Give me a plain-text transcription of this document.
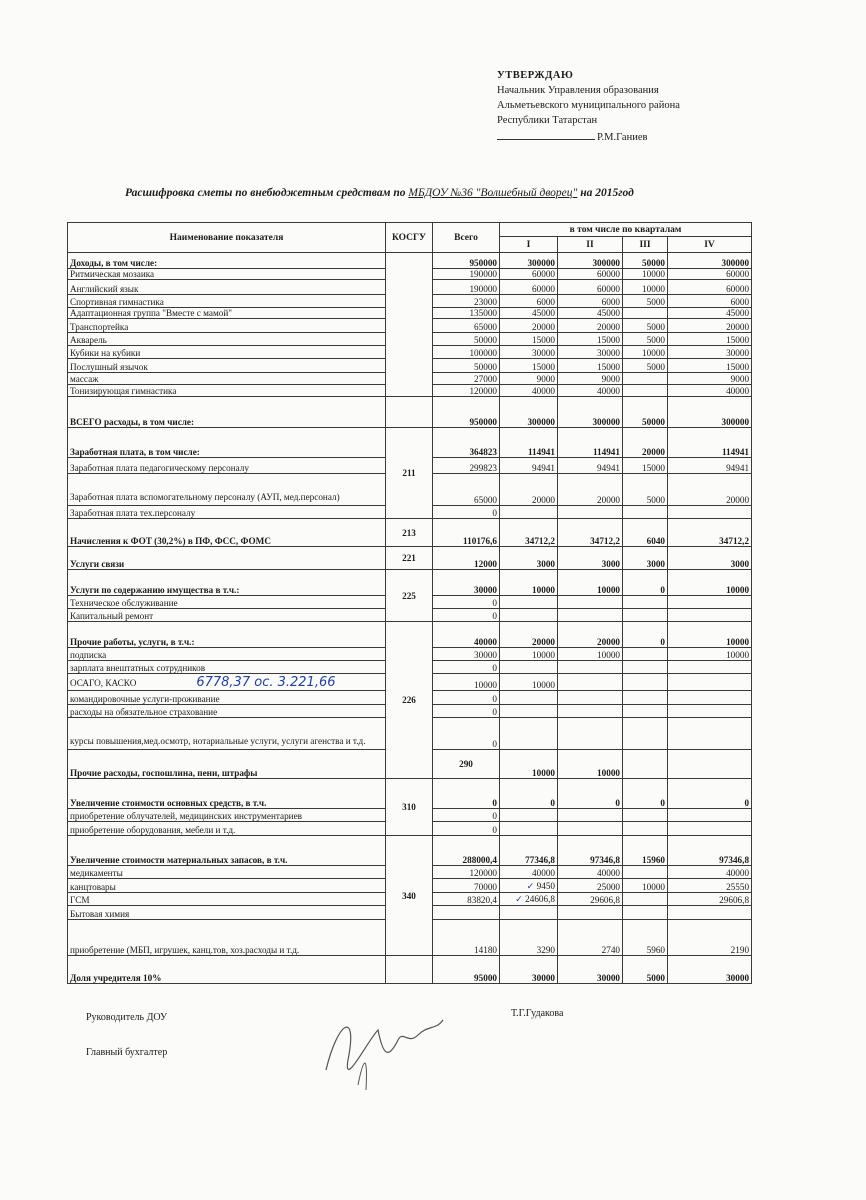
УТВЕРЖДАЮ
Начальник Управления образования
Альметьевского муниципального района
Республики Татарстан
Р.М.Ганиев
Расшифровка сметы по внебюджетным средствам по МБДОУ №36 "Волшебный дворец" на 2015год
Наименование показателя	КОСГУ	Всего	в том числе по кварталам				
			I	II	III	IV	
Доходы, в том числе:		950000	300000	300000	50000	300000	
Ритмическая мозаика		190000	60000	60000	10000	60000	
Английский язык		190000	60000	60000	10000	60000	
Спортивная гимнастика		23000	6000	6000	5000	6000	
Адаптационная группа "Вместе с мамой"		135000	45000	45000		45000	
Транспортейка		65000	20000	20000	5000	20000	
Акварель		50000	15000	15000	5000	15000	
Кубики на кубики		100000	30000	30000	10000	30000	
Послушный язычок		50000	15000	15000	5000	15000	
массаж		27000	9000	9000		9000	
Тонизирующая гимнастика		120000	40000	40000		40000	
ВСЕГО расходы, в том числе:		950000	300000	300000	50000	300000	
Заработная плата, в том числе:	211	364823	114941	114941	20000	114941	
Заработная плата педагогическому персоналу		299823	94941	94941	15000	94941	
Заработная плата вспомогательному персоналу (АУП, мед.персонал)		65000	20000	20000	5000	20000	
Заработная плата тех.персоналу		0					
Начисления к ФОТ (30,2%) в ПФ, ФСС, ФОМС	213	110176,6	34712,2	34712,2	6040	34712,2	
Услуги связи	221	12000	3000	3000	3000	3000	
Услуги по содержанию имущества в т.ч.:	225	30000	10000	10000	0	10000	
Техническое обслуживание		0					
Капитальный ремонт		0					
Прочие работы, услуги, в т.ч.:	226	40000	20000	20000	0	10000	
подписка		30000	10000	10000		10000	
зарплата внештатных сотрудников		0					
ОСАГО, КАСКО 6778,37 ос. 3.221,66		10000	10000				
командировочные услуги-проживание		0					
расходы на обязательное страхование		0					
курсы повышения,мед.осмотр, нотариальные услуги, услуги агенства и т.д.		0					
Прочие расходы, госпошлина, пени, штрафы		290	10000	10000			
Увеличение стоимости основных средств, в т.ч.	310	0	0	0	0	0	
приобретение облучателей, медицинских инструментариев		0					
приобретение оборудования, мебели и т.д.		0					
Увеличение стоимости материальных запасов, в т.ч.	340	288000,4	77346,8	97346,8	15960	97346,8	
медикаменты		120000	40000	40000		40000	
канцтовары		70000	✓ 9450	25000	10000	25550	
ГСМ		83820,4	✓ 24606,8	29606,8		29606,8	
Бытовая химия							
приобретение (МБП, игрушек, канц.тов, хоз.расходы и т.д.		14180	3290	2740	5960	2190	
Доля учредителя 10%		95000	30000	30000	5000	30000	
Руководитель ДОУ	Т.Г.Гудакова
Главный бухгалтер
